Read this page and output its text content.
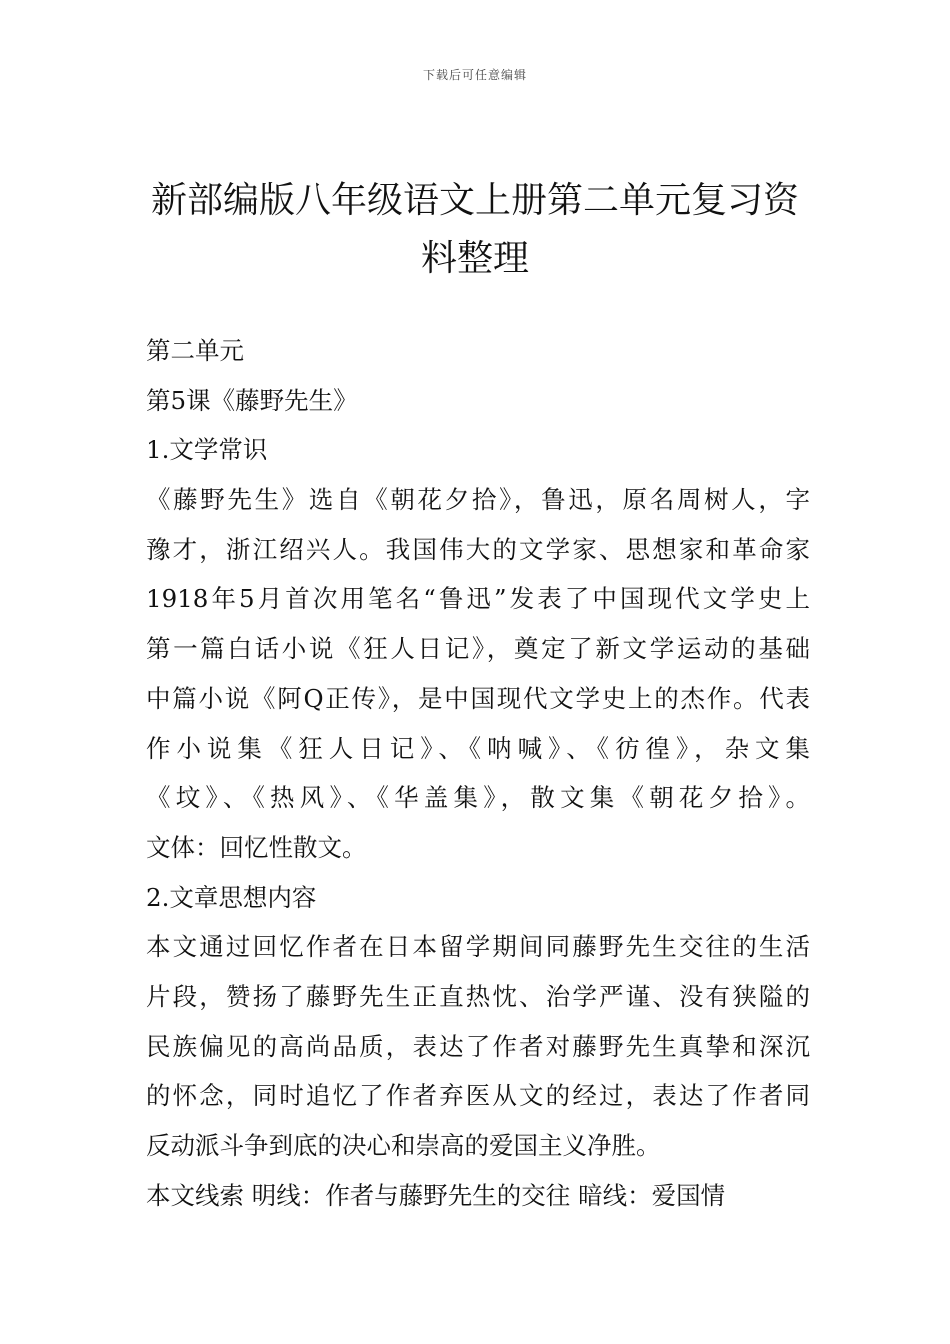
下载后可任意编辑
新部编版八年级语文上册第二单元复习资料整理
第二单元
第5课《藤野先生》
1.文学常识
《藤野先生》选自《朝花夕拾》，鲁迅，原名周树人，字
豫才，浙江绍兴人。我国伟大的文学家、思想家和革命家
1918年5月首次用笔名“鲁迅”发表了中国现代文学史上
第一篇白话小说《狂人日记》，奠定了新文学运动的基础
中篇小说《阿Q正传》，是中国现代文学史上的杰作。代表
作小说集《狂人日记》、《呐喊》、《彷徨》，杂文集
《坟》、《热风》、《华盖集》，散文集《朝花夕拾》。
文体：回忆性散文。
2.文章思想内容
本文通过回忆作者在日本留学期间同藤野先生交往的生活
片段，赞扬了藤野先生正直热忱、治学严谨、没有狭隘的
民族偏见的高尚品质，表达了作者对藤野先生真挚和深沉
的怀念，同时追忆了作者弃医从文的经过，表达了作者同
反动派斗争到底的决心和崇高的爱国主义净胜。
本文线索 明线：作者与藤野先生的交往 暗线：爱国情
